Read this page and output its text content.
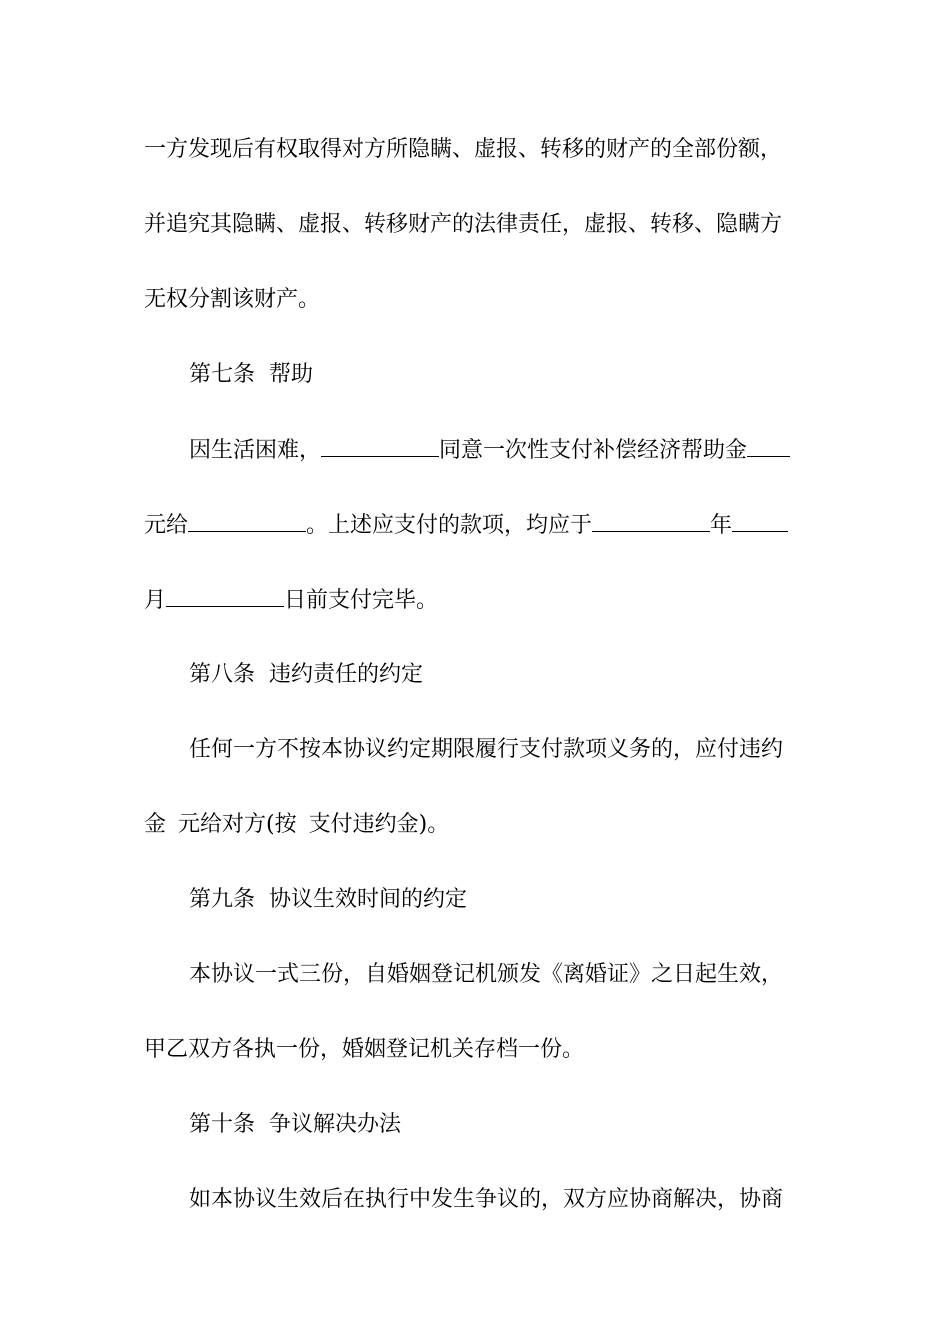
一方发现后有权取得对方所隐瞒、虚报、转移的财产的全部份额，
并追究其隐瞒、虚报、转移财产的法律责任，虚报、转移、隐瞒方
无权分割该财产。
第七条  帮助
因生活困难，	同意一次性支付补偿经济帮助金
元给	。上述应支付的款项，均应于	年
月	日前支付完毕。
第八条  违约责任的约定
任何一方不按本协议约定期限履行支付款项义务的，应付违约
金 元给对方(按 支付违约金)。
第九条  协议生效时间的约定
本协议一式三份，自婚姻登记机颁发《离婚证》之日起生效，
甲乙双方各执一份，婚姻登记机关存档一份。
第十条  争议解决办法
如本协议生效后在执行中发生争议的，双方应协商解决，协商
